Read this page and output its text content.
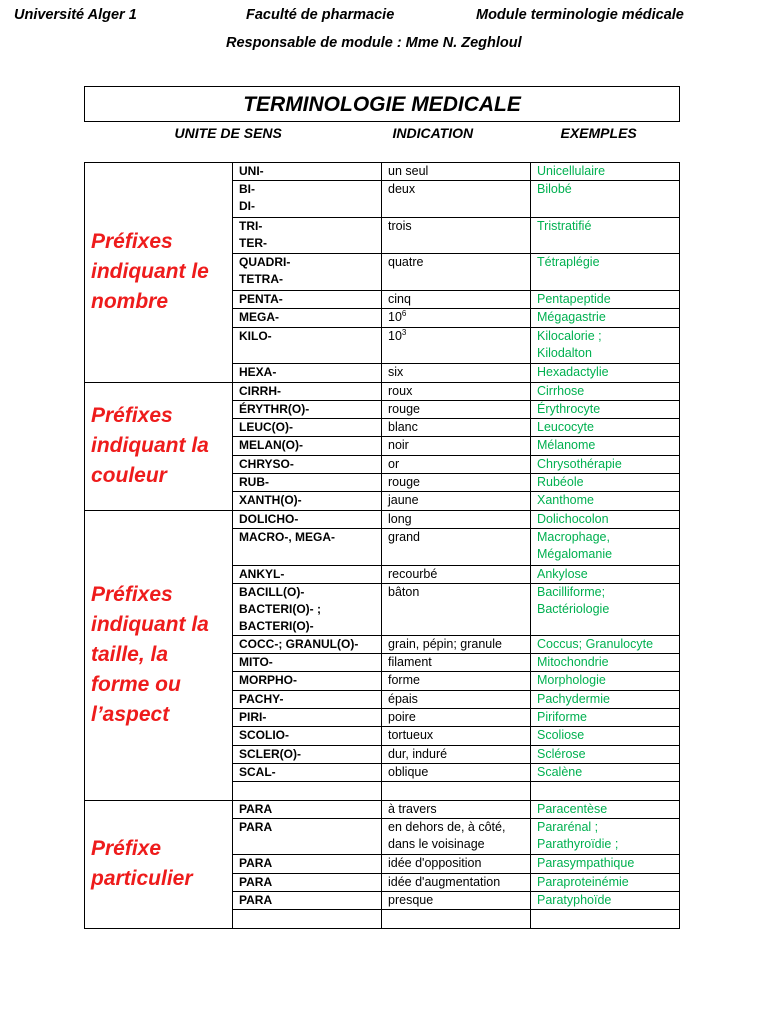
Université Alger 1	Faculté de pharmacie	Module terminologie médicale
Responsable de module : Mme N. Zeghloul
TERMINOLOGIE MEDICALE			

UNITE DE SENS INDICATION EXEMPLES			

Préfixes
indiquant le
nombre	UNI-	un seul	Unicellulaire

	BI-
DI-	deux	Bilobé

	TRI-
TER-	trois	Tristratifié

	QUADRI-
TETRA-	quatre	Tétraplégie

	PENTA-	cinq	Pentapeptide

	MEGA-	$10^6$	Mégagastrie

	KILO-	$10^3$	Kilocalorie ;
Kilodalton

	HEXA-	six	Hexadactylie

Préfixes
indiquant la
couleur	CIRRH-	roux	Cirrhose

	ÉRYTHR(O)-	rouge	Érythrocyte

	LEUC(O)-	blanc	Leucocyte

	MELAN(O)-	noir	Mélanome

	CHRYSO-	or	Chrysothérapie

	RUB-	rouge	Rubéole

	XANTH(O)-	jaune	Xanthome

Préfixes
indiquant la
taille, la
forme ou
l’aspect	DOLICHO-	long	Dolichocolon

	MACRO-, MEGA-	grand	Macrophage,
Mégalomanie

	ANKYL-	recourbé	Ankylose

	BACILL(O)-
BACTERI(O)- ;
BACTERI(O)-	bâton	Bacilliforme;
Bactériologie

	COCC-; GRANUL(O)-	grain, pépin; granule	Coccus; Granulocyte

	MITO-	filament	Mitochondrie

	MORPHO-	forme	Morphologie

	PACHY-	épais	Pachydermie

	PIRI-	poire	Piriforme

	SCOLIO-	tortueux	Scoliose

	SCLER(O)-	dur, induré	Sclérose

	SCAL-	oblique	Scalène

Préfixe
particulier	PARA	à travers	Paracentèse

	PARA	en dehors de, à côté,
dans le voisinage	Pararénal ;
Parathyroïdie ;

	PARA	idée d'opposition	Parasympathique

	PARA	idée d'augmentation	Paraproteinémie

	PARA	presque	Paratyphoïde
